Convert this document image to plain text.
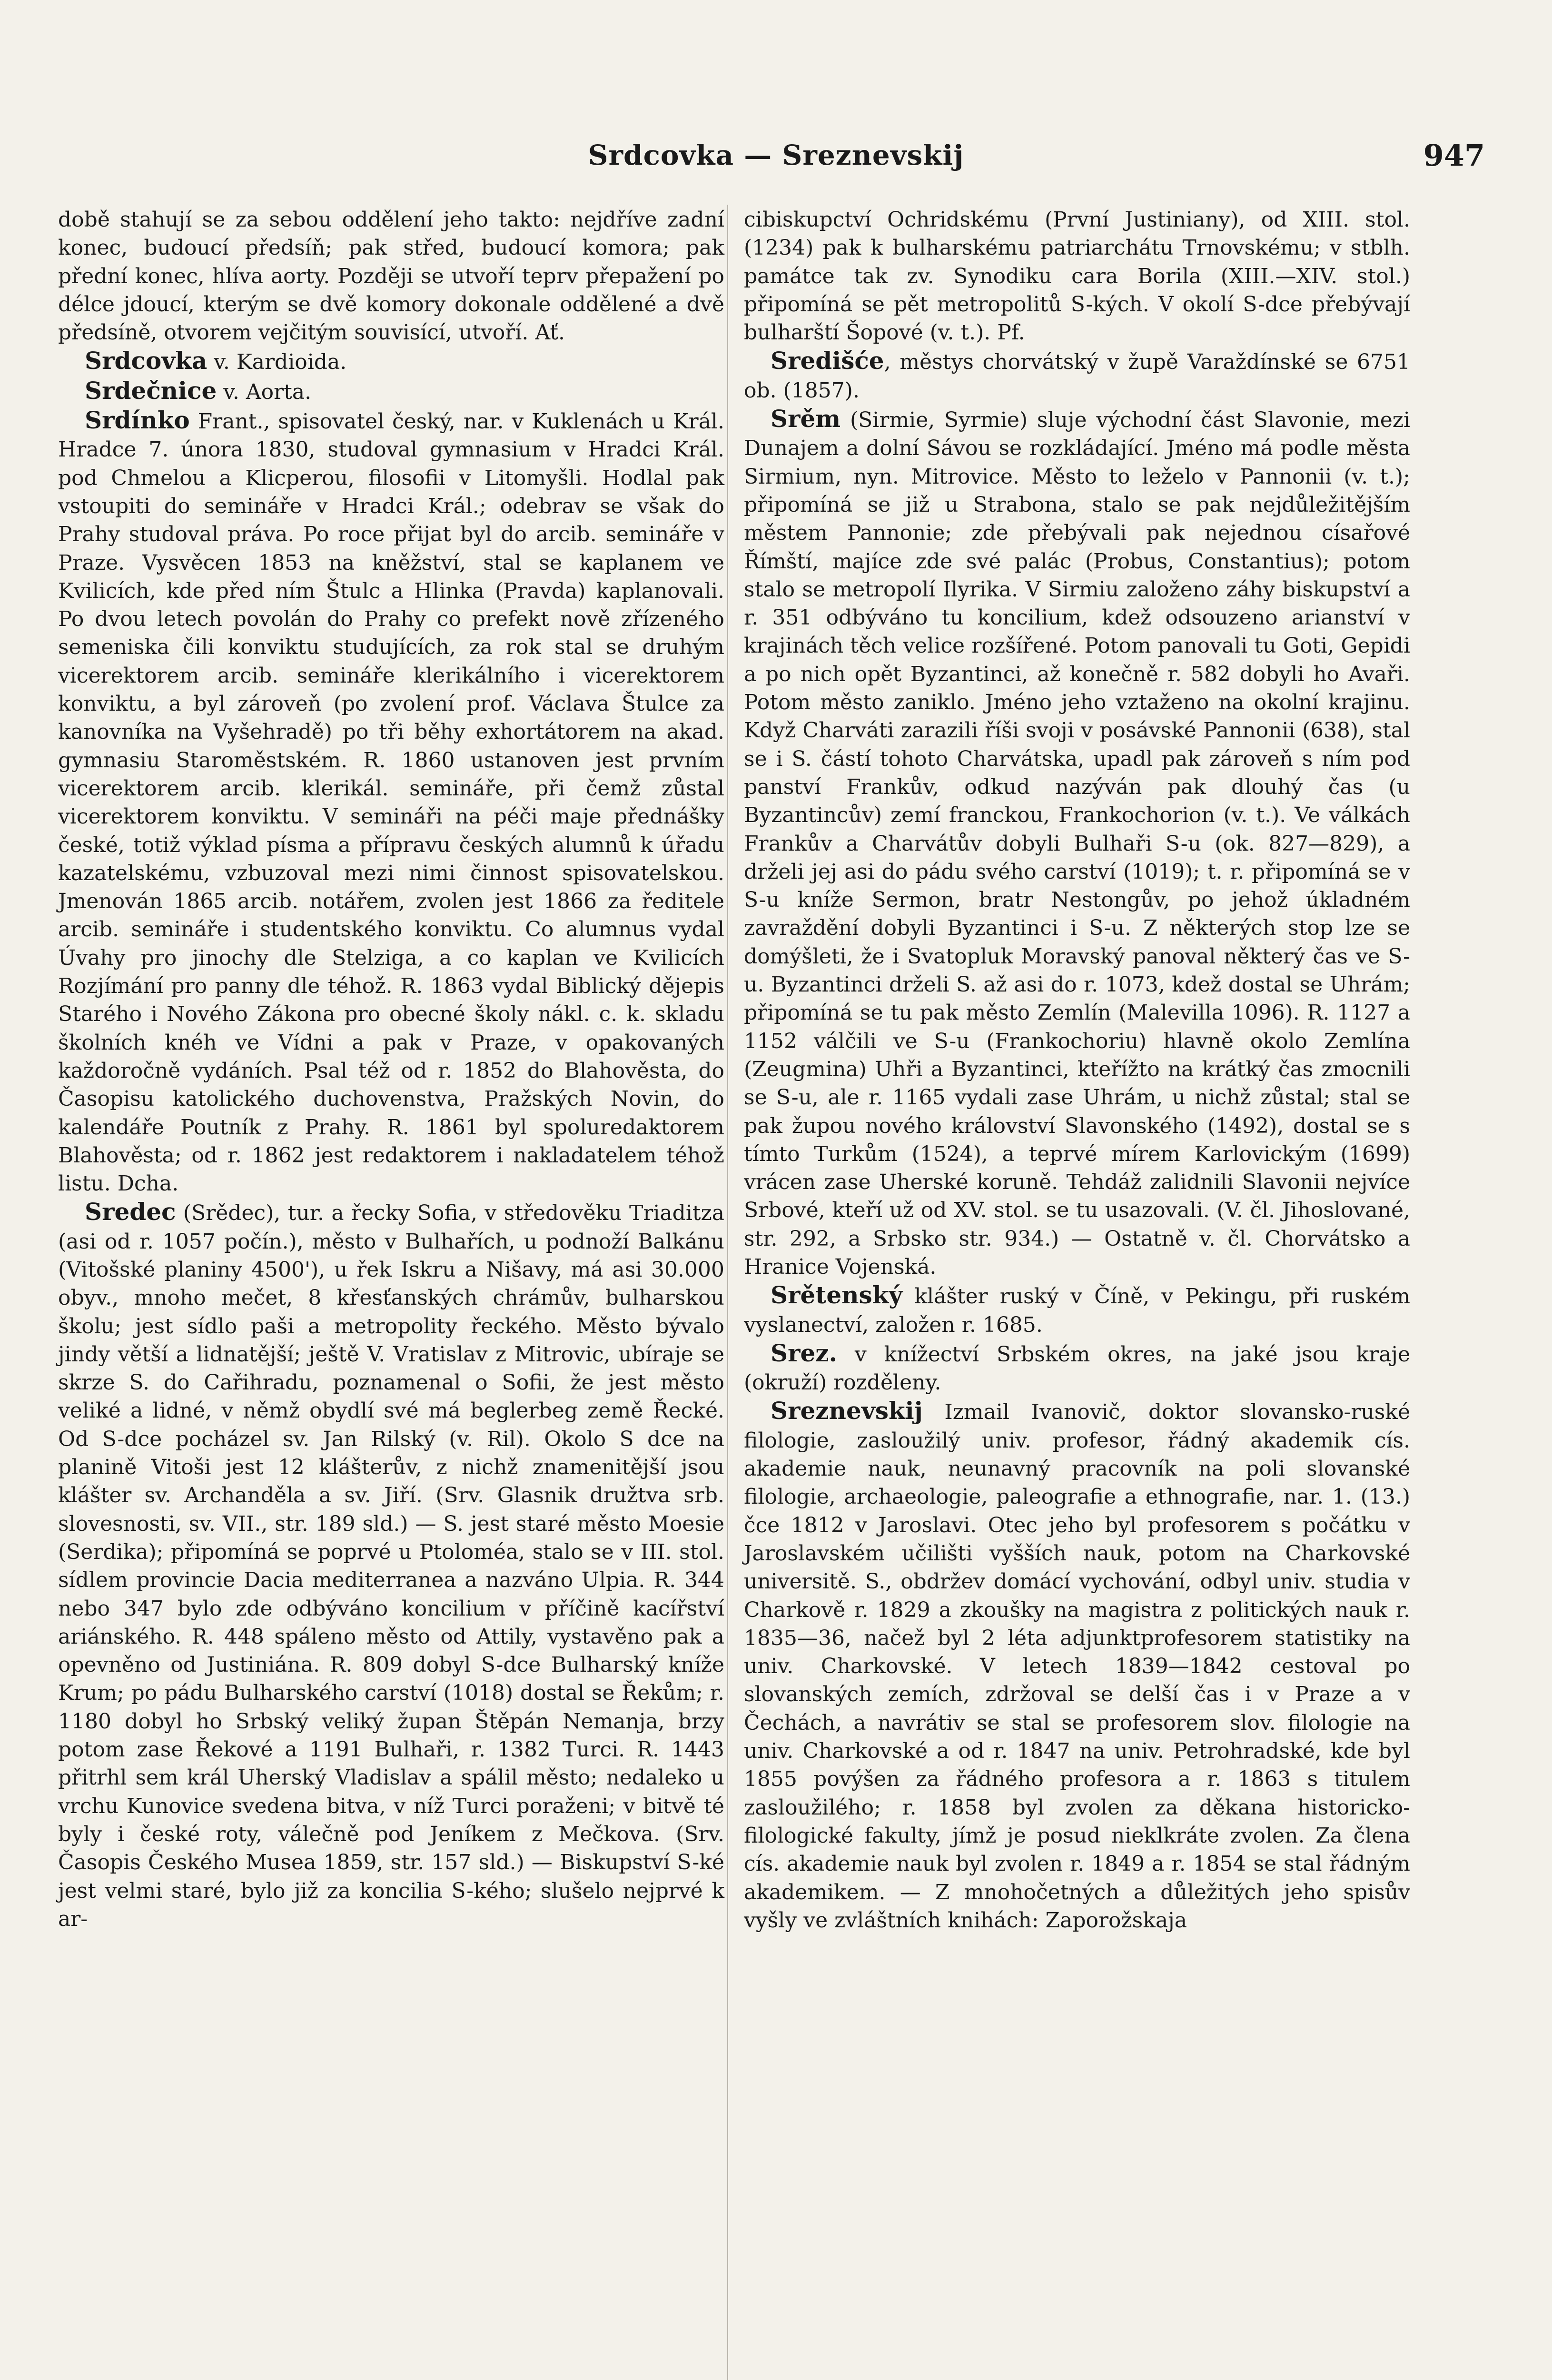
Srdcovka — Sreznevskij	947

době stahují se za sebou oddělení jeho takto: nejdříve zadní konec, budoucí předsíň; pak střed, budoucí komora; pak přední konec, hlíva aorty. Později se utvoří teprv přepažení po délce jdoucí, kterým se dvě komory dokonale oddělené a dvě předsíně, otvorem vejčitým souvisící, utvoří. Ať.

Srdcovka v. Kardioida.

Srdečnice v. Aorta.

Srdínko Frant., spisovatel český, nar. v Kuklenách u Král. Hradce 7. února 1830, studoval gymnasium v Hradci Král. pod Chmelou a Klicperou, filosofii v Litomyšli. Hodlal pak vstoupiti do semináře v Hradci Král.; odebrav se však do Prahy studoval práva. Po roce přijat byl do arcib. semináře v Praze. Vysvěcen 1853 na kněžství, stal se kaplanem ve Kvilicích, kde před ním Štulc a Hlinka (Pravda) kaplanovali. Po dvou letech povolán do Prahy co prefekt nově zřízeného semeniska čili konviktu studujících, za rok stal se druhým vicerektorem arcib. semináře klerikálního i vicerektorem konviktu, a byl zároveň (po zvolení prof. Václava Štulce za kanovníka na Vyšehradě) po tři běhy exhortátorem na akad. gymnasiu Staroměstském. R. 1860 ustanoven jest prvním vicerektorem arcib. klerikál. semináře, při čemž zůstal vicerektorem konviktu. V semináři na péči maje přednášky české, totiž výklad písma a přípravu českých alumnů k úřadu kazatelskému, vzbuzoval mezi nimi činnost spisovatelskou. Jmenován 1865 arcib. notářem, zvolen jest 1866 za ředitele arcib. semináře i studentského konviktu. Co alumnus vydal Úvahy pro jinochy dle Stelziga, a co kaplan ve Kvilicích Rozjímání pro panny dle téhož. R. 1863 vydal Biblický dějepis Starého i Nového Zákona pro obecné školy nákl. c. k. skladu školních knéh ve Vídni a pak v Praze, v opakovaných každoročně vydáních. Psal též od r. 1852 do Blahověsta, do Časopisu katolického duchovenstva, Pražských Novin, do kalendáře Poutník z Prahy. R. 1861 byl spoluredaktorem Blahověsta; od r. 1862 jest redaktorem i nakladatelem téhož listu. Dcha.

Sredec (Srědec), tur. a řecky Sofia, v středověku Triaditza (asi od r. 1057 počín.), město v Bulhařích, u podnoží Balkánu (Vitošské planiny 4500'), u řek Iskru a Nišavy, má asi 30.000 obyv., mnoho mečet, 8 křesťanských chrámův, bulharskou školu; jest sídlo paši a metropolity řeckého. Město bývalo jindy větší a lidnatější; ještě V. Vratislav z Mitrovic, ubíraje se skrze S. do Cařihradu, poznamenal o Sofii, že jest město veliké a lidné, v němž obydlí své má beglerbeg země Řecké. Od S-dce pocházel sv. Jan Rilský (v. Ril). Okolo S dce na planině Vitoši jest 12 klášterův, z nichž znamenitější jsou klášter sv. Archanděla a sv. Jiří. (Srv. Glasnik družtva srb. slovesnosti, sv. VII., str. 189 sld.) — S. jest staré město Moesie (Serdika); připomíná se poprvé u Ptoloméa, stalo se v III. stol. sídlem provincie Dacia mediterranea a nazváno Ulpia. R. 344 nebo 347 bylo zde odbýváno koncilium v příčině kacířství ariánského. R. 448 spáleno město od Attily, vystavěno pak a opevněno od Justiniána. R. 809 dobyl S-dce Bulharský kníže Krum; po pádu Bulharského carství (1018) dostal se Řekům; r. 1180 dobyl ho Srbský veliký župan Štěpán Nemanja, brzy potom zase Řekové a 1191 Bulhaři, r. 1382 Turci. R. 1443 přitrhl sem král Uherský Vladislav a spálil město; nedaleko u vrchu Kunovice svedena bitva, v níž Turci poraženi; v bitvě té byly i české roty, válečně pod Jeníkem z Mečkova. (Srv. Časopis Českého Musea 1859, str. 157 sld.) — Biskupství S-ké jest velmi staré, bylo již za koncilia S-kého; slušelo nejprvé k ar-

cibiskupctví Ochridskému (První Justiniany), od XIII. stol. (1234) pak k bulharskému patriarchátu Trnovskému; v stblh. památce tak zv. Synodiku cara Borila (XIII.—XIV. stol.) připomíná se pět metropolitů S-kých. V okolí S-dce přebývají bulharští Šopové (v. t.). Pf.

Središće, městys chorvátský v župě Varaždínské se 6751 ob. (1857).

Srěm (Sirmie, Syrmie) sluje východní část Slavonie, mezi Dunajem a dolní Sávou se rozkládající. Jméno má podle města Sirmium, nyn. Mitrovice. Město to leželo v Pannonii (v. t.); připomíná se již u Strabona, stalo se pak nejdůležitějším městem Pannonie; zde přebývali pak nejednou císařové Římští, majíce zde své palác (Probus, Constantius); potom stalo se metropolí Ilyrika. V Sirmiu založeno záhy biskupství a r. 351 odbýváno tu koncilium, kdež odsouzeno arianství v krajinách těch velice rozšířené. Potom panovali tu Goti, Gepidi a po nich opět Byzantinci, až konečně r. 582 dobyli ho Avaři. Potom město zaniklo. Jméno jeho vztaženo na okolní krajinu. Když Charváti zarazili říši svoji v posávské Pannonii (638), stal se i S. částí tohoto Charvátska, upadl pak zároveň s ním pod panství Frankův, odkud nazýván pak dlouhý čas (u Byzantincův) zemí franckou, Frankochorion (v. t.). Ve válkách Frankův a Charvátův dobyli Bulhaři S-u (ok. 827—829), a drželi jej asi do pádu svého carství (1019); t. r. připomíná se v S-u kníže Sermon, bratr Nestongův, po jehož úkladném zavraždění dobyli Byzantinci i S-u. Z některých stop lze se domýšleti, že i Svatopluk Moravský panoval některý čas ve S-u. Byzantinci drželi S. až asi do r. 1073, kdež dostal se Uhrám; připomíná se tu pak město Zemlín (Malevilla 1096). R. 1127 a 1152 válčili ve S-u (Frankochoriu) hlavně okolo Zemlína (Zeugmina) Uhři a Byzantinci, kteřížto na krátký čas zmocnili se S-u, ale r. 1165 vydali zase Uhrám, u nichž zůstal; stal se pak župou nového království Slavonského (1492), dostal se s tímto Turkům (1524), a teprvé mírem Karlovickým (1699) vrácen zase Uherské koruně. Tehdáž zalidnili Slavonii nejvíce Srbové, kteří už od XV. stol. se tu usazovali. (V. čl. Jihoslované, str. 292, a Srbsko str. 934.) — Ostatně v. čl. Chorvátsko a Hranice Vojenská.

Srětenský klášter ruský v Číně, v Pekingu, při ruském vyslanectví, založen r. 1685.

Srez. v knížectví Srbském okres, na jaké jsou kraje (okruží) rozděleny.

Sreznevskij Izmail Ivanovič, doktor slovansko-ruské filologie, zasloužilý univ. profesor, řádný akademik cís. akademie nauk, neunavný pracovník na poli slovanské filologie, archaeologie, paleografie a ethnografie, nar. 1. (13.) čce 1812 v Jaroslavi. Otec jeho byl profesorem s počátku v Jaroslavském učilišti vyšších nauk, potom na Charkovské universitě. S., obdržev domácí vychování, odbyl univ. studia v Charkově r. 1829 a zkoušky na magistra z politických nauk r. 1835—36, načež byl 2 léta adjunktprofesorem statistiky na univ. Charkovské. V letech 1839—1842 cestoval po slovanských zemích, zdržoval se delší čas i v Praze a v Čechách, a navrátiv se stal se profesorem slov. filologie na univ. Charkovské a od r. 1847 na univ. Petrohradské, kde byl 1855 povýšen za řádného profesora a r. 1863 s titulem zasloužilého; r. 1858 byl zvolen za děkana historicko-filologické fakulty, jímž je posud nieklkráte zvolen. Za člena cís. akademie nauk byl zvolen r. 1849 a r. 1854 se stal řádným akademikem. — Z mnohočetných a důležitých jeho spisův vyšly ve zvláštních knihách: Zaporožskaja
